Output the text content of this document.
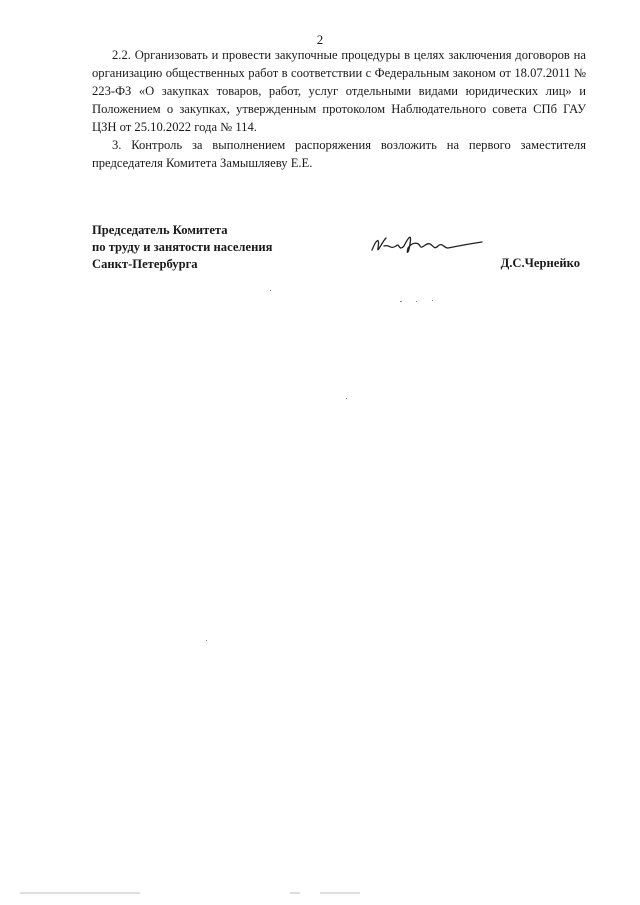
2

2.2. Организовать и провести закупочные процедуры в целях заключения договоров на организацию общественных работ в соответствии с Федеральным законом от 18.07.2011 № 223-ФЗ «О закупках товаров, работ, услуг отдельными видами юридических лиц» и Положением о закупках, утвержденным протоколом Наблюдательного совета СПб ГАУ ЦЗН от 25.10.2022 года № 114.

3. Контроль за выполнением распоряжения возложить на первого заместителя председателя Комитета Замышляеву Е.Е.

Председатель Комитета
по труду и занятости населения
Санкт-Петербурга	Д.С.Чернейко
